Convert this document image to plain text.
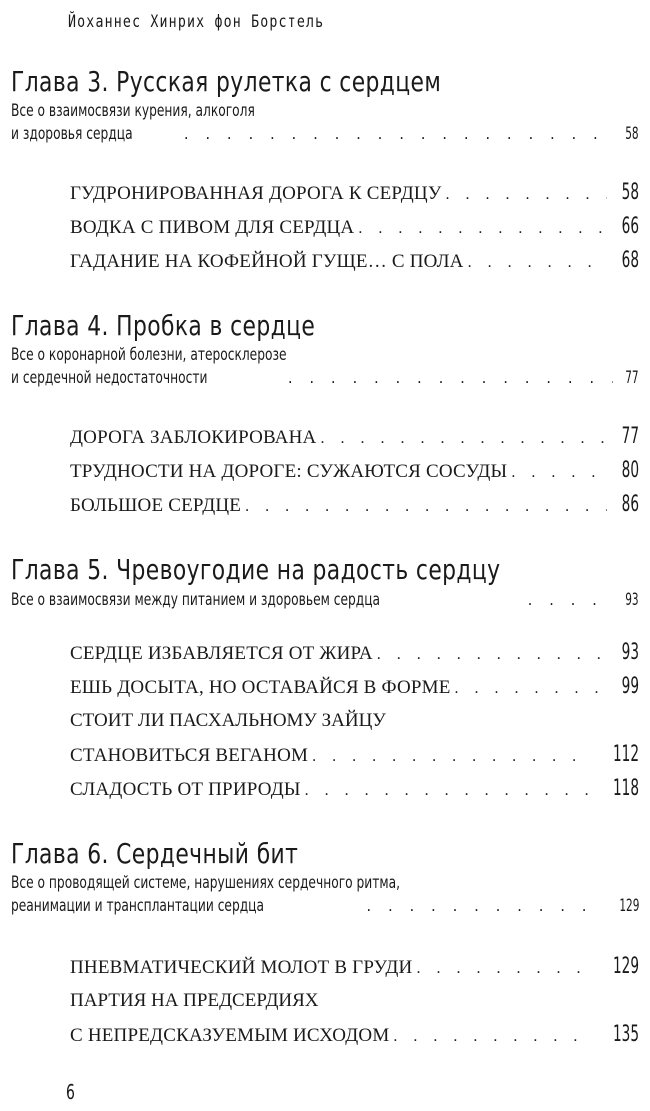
Йоханнес Хинрих фон Борстель
Глава 3. Русская рулетка с сердцем
Все о взаимосвязи курения, алкоголя
и здоровья сердца . . .	58
ГУДРОНИРОВАННАЯ ДОРОГА К СЕРДЦУ . . .	58
ВОДКА С ПИВОМ ДЛЯ СЕРДЦА . . .	66
ГАДАНИЕ НА КОФЕЙНОЙ ГУЩЕ… С ПОЛА . . .	68
Глава 4. Пробка в сердце
Все о коронарной болезни, атеросклерозе
и сердечной недостаточности . . .	77
ДОРОГА ЗАБЛОКИРОВАНА . . .	77
ТРУДНОСТИ НА ДОРОГЕ: СУЖАЮТСЯ СОСУДЫ . . .	80
БОЛЬШОЕ СЕРДЦЕ . . .	86
Глава 5. Чревоугодие на радость сердцу
Все о взаимосвязи между питанием и здоровьем сердца . . .	93
СЕРДЦЕ ИЗБАВЛЯЕТСЯ ОТ ЖИРА . . .	93
ЕШЬ ДОСЫТА, НО ОСТАВАЙСЯ В ФОРМЕ . . .	99
СТОИТ ЛИ ПАСХАЛЬНОМУ ЗАЙЦУ
СТАНОВИТЬСЯ ВЕГАНОМ . . .	112
СЛАДОСТЬ ОТ ПРИРОДЫ . . .	118
Глава 6. Сердечный бит
Все о проводящей системе, нарушениях сердечного ритма,
реанимации и трансплантации сердца . . .	129
ПНЕВМАТИЧЕСКИЙ МОЛОТ В ГРУДИ . . .	129
ПАРТИЯ НА ПРЕДСЕРДИЯХ
С НЕПРЕДСКАЗУЕМЫМ ИСХОДОМ . . .	135
6
